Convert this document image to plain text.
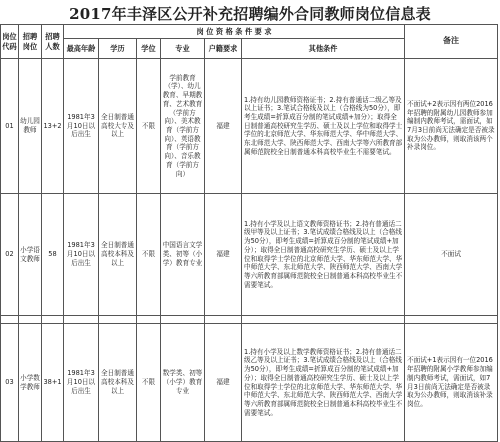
2017年丰泽区公开补充招聘编外合同教师岗位信息表
岗位代码	招聘岗位	招聘人数	岗 位 资 格 条 件 要 求						备注
			最高年龄	学历	学位	专业	户籍要求	其他条件	
01	幼儿园教师	13+2	1981年3月10日以后出生	全日制普通高校大专及以上	不限	学前教育（学）、幼儿教育、早期教育、艺术教育（学前方向）、美术教育（学前方向）、英语教育（学前方向）、音乐教育（学前方向）	福建	1.持有幼儿园教师资格证书；2.持有普通话二级乙等及以上证书；3.笔试合格线及以上（合格线为50分），即考生成绩=折算成百分制的笔试成绩+加分）；取得全日制普通高校研究生学历、硕士及以上学位和取得学士学位的北京师范大学、华东师范大学、华中师范大学、东北师范大学、陕西师范大学、西南大学等六所教育部属师范院校全日制普通本科高校毕业生不需要笔试。	不面试+2表示因有两位2016年招聘的附属幼儿园教师参加编制内教师考试，需面试，如7月3日前尚无法确定是否被录取为公办教师，则取消该两个补录岗位。
02	小学语文教师	58	1981年3月10日以后出生	全日制普通高校本科及以上	不限	中国语言文学类、初等（小学）教育专业	福建	1.持有小学及以上语文教师资格证书；2.持有普通话二级甲等及以上证书；3.笔试成绩合格线及以上（合格线为50分），即考生成绩=折算成百分制的笔试成绩+加分）；取得全日制普通高校研究生学历、硕士及以上学位和取得学士学位的北京师范大学、华东师范大学、华中师范大学、东北师范大学、陕西师范大学、西南大学等六所教育部属师范院校全日制普通本科高校毕业生不需要笔试。	不面试

03	小学数学教师	38+1	1981年3月10日以后出生	全日制普通高校本科及以上	不限	数学类、初等（小学）教育专业	福建	1.持有小学及以上数学教师资格证书；2.持有普通话二级乙等及以上证书；3.笔试成绩合格线及以上（合格线为50分），即考生成绩=折算成百分制的笔试成绩+加分）；取得全日制普通高校研究生学历、硕士及以上学位和取得学士学位的北京师范大学、华东师范大学、华中师范大学、东北师范大学、陕西师范大学、西南大学等六所教育部属师范院校全日制普通本科高校毕业生不需要笔试。	不面试+1表示因有一位2016年招聘的附属小学教师参加编制内教师考试，需面试，如7月3日前尚无法确定是否被录取为公办教师，则取消该补录岗位。
